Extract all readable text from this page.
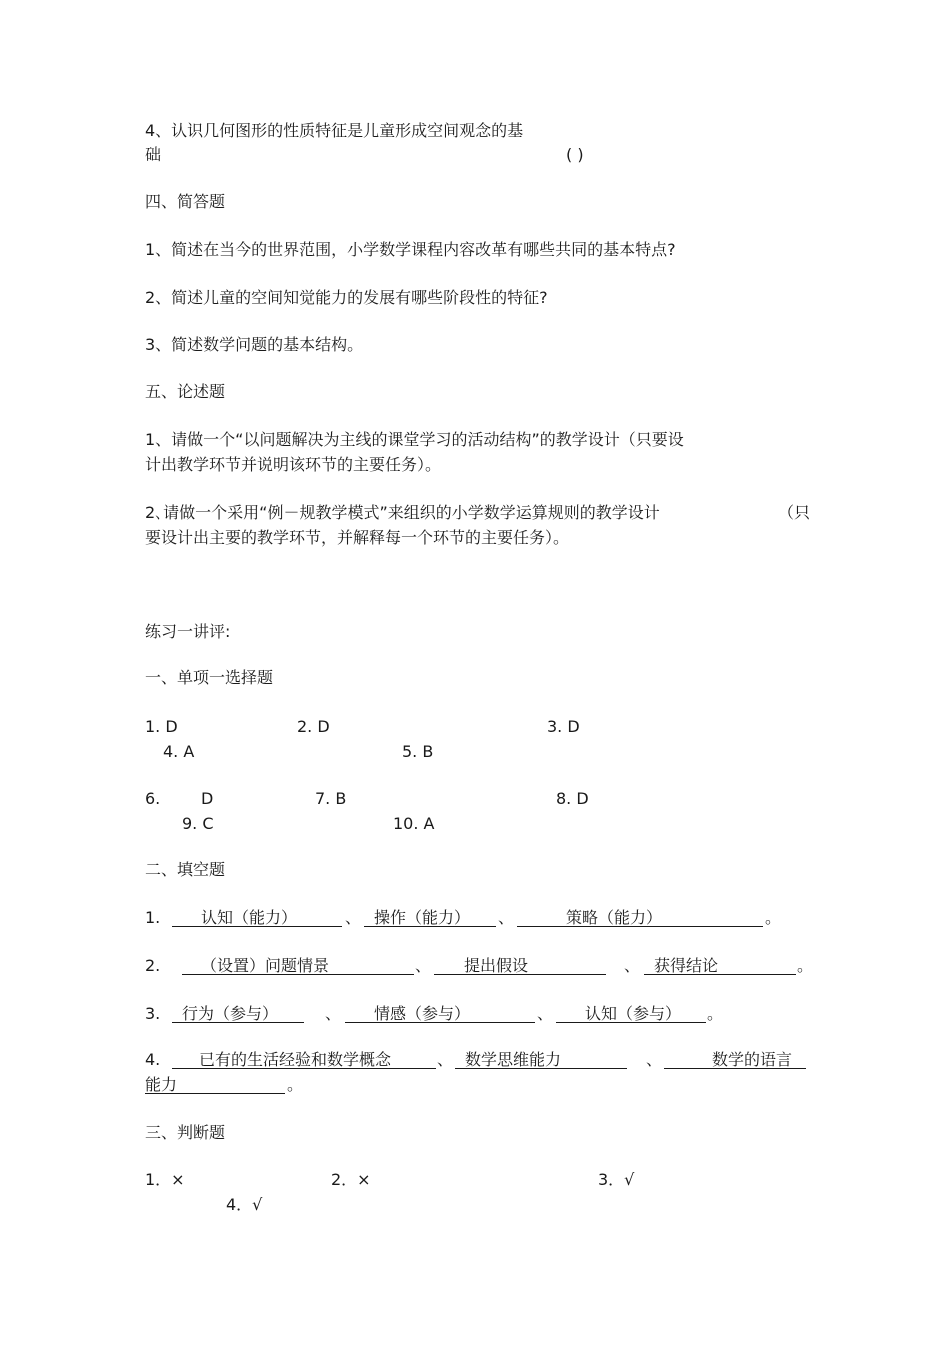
4、认识几何图形的性质特征是儿童形成空间观念的基
础	( )
四、简答题
1、简述在当今的世界范围，小学数学课程内容改革有哪些共同的基本特点?
2、简述儿童的空间知觉能力的发展有哪些阶段性的特征?
3、简述数学问题的基本结构。
五、论述题
1、请做一个“以问题解决为主线的课堂学习的活动结构”的教学设计（只要设
计出教学环节并说明该环节的主要任务）。
2､请做一个采用“例－规教学模式”来组织的小学数学运算规则的教学设计	（只
要设计出主要的教学环节，并解释每一个环节的主要任务）。
练习一讲评:
一、单项一选择题
1. D	2. D	3. D
4. A	5. B
6.	D	7. B	8. D
9. C	10. A
二、填空题
1.	认知（能力）	、 操作（能力） 、	策略（能力）	。
2.	（设置）问题情景	、 提出假设	、 获得结论	。
3. 行为（参与）	、 情感（参与）	、 认知（参与） 。
4. 已有的生活经验和数学概念	、 数学思维能力	、	数学的语言
能力	。
三、判断题
1．×	2．×	3．√
4．√
